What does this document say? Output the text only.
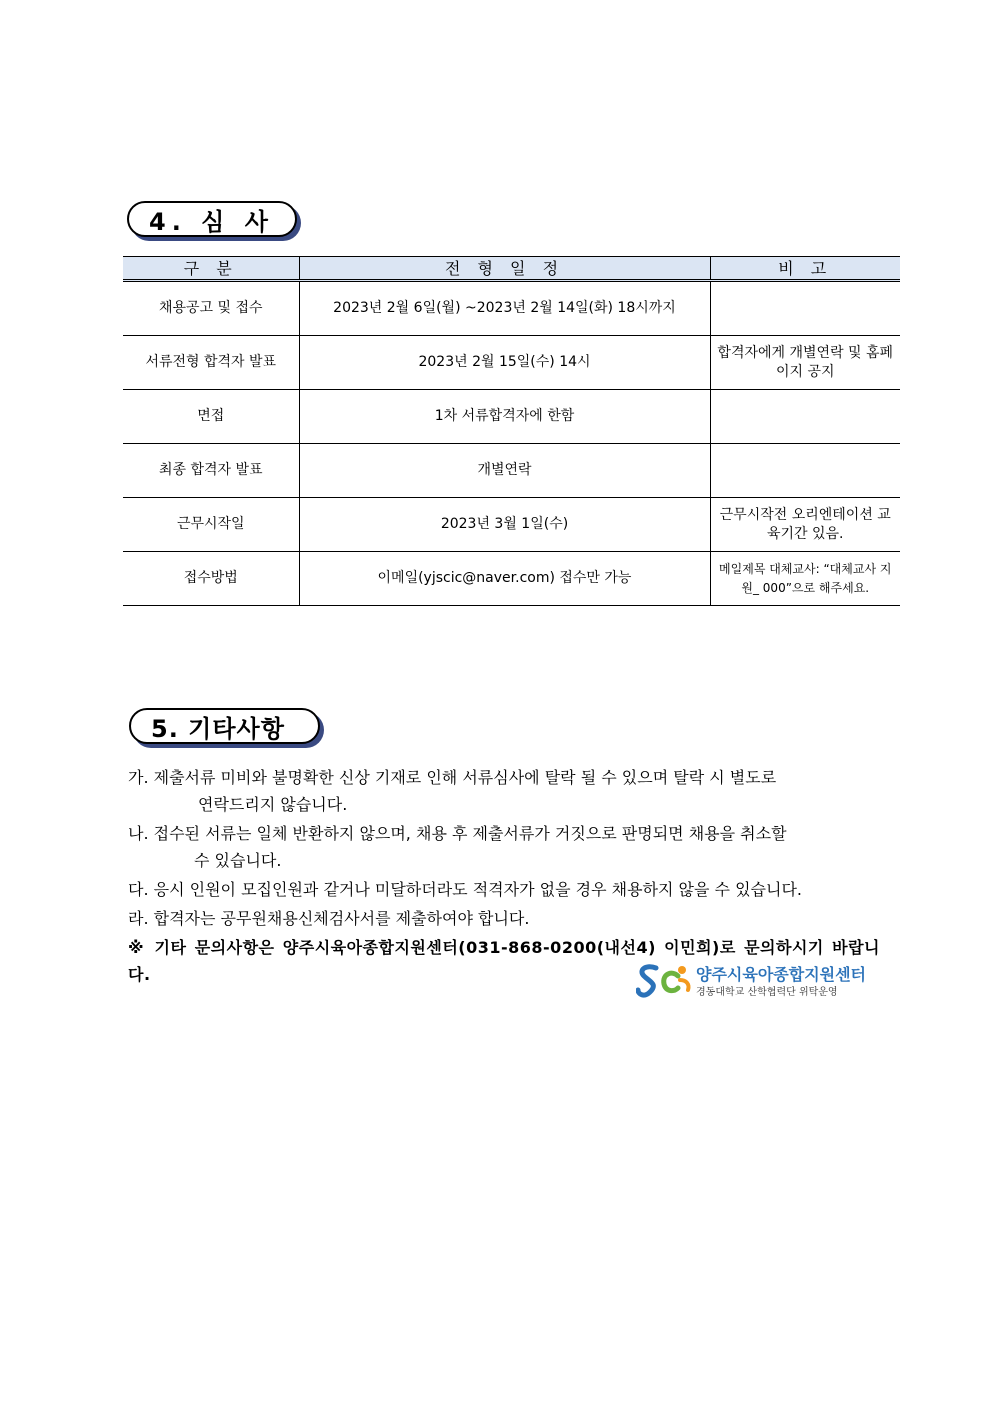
4. 심 사
구 분	전 형 일 정	비 고
채용공고 및 접수	2023년 2월 6일(월) ~2023년 2월 14일(화) 18시까지	
서류전형 합격자 발표	2023년 2월 15일(수) 14시	합격자에게 개별연락 및 홈페이지 공지
면접	1차 서류합격자에 한함	
최종 합격자 발표	개별연락	
근무시작일	2023년 3월 1일(수)	근무시작전 오리엔테이션 교육기간 있음.
접수방법	이메일(yjscic@naver.com) 접수만 가능	메일제목 대체교사: “대체교사 지원_ 000”으로 해주세요.
5. 기타사항
가. 제출서류 미비와 불명확한 신상 기재로 인해 서류심사에 탈락 될 수 있으며 탈락 시 별도로
연락드리지 않습니다.
나. 접수된 서류는 일체 반환하지 않으며, 채용 후 제출서류가 거짓으로 판명되면 채용을 취소할
수 있습니다.
다. 응시 인원이 모집인원과 같거나 미달하더라도 적격자가 없을 경우 채용하지 않을 수 있습니다.
라. 합격자는 공무원채용신체검사서를 제출하여야 합니다.
※ 기타 문의사항은 양주시육아종합지원센터(031-868-0200(내선4) 이민희)로 문의하시기 바랍니다.	양주시육아종합지원센터
경동대학교 산학협력단 위탁운영
